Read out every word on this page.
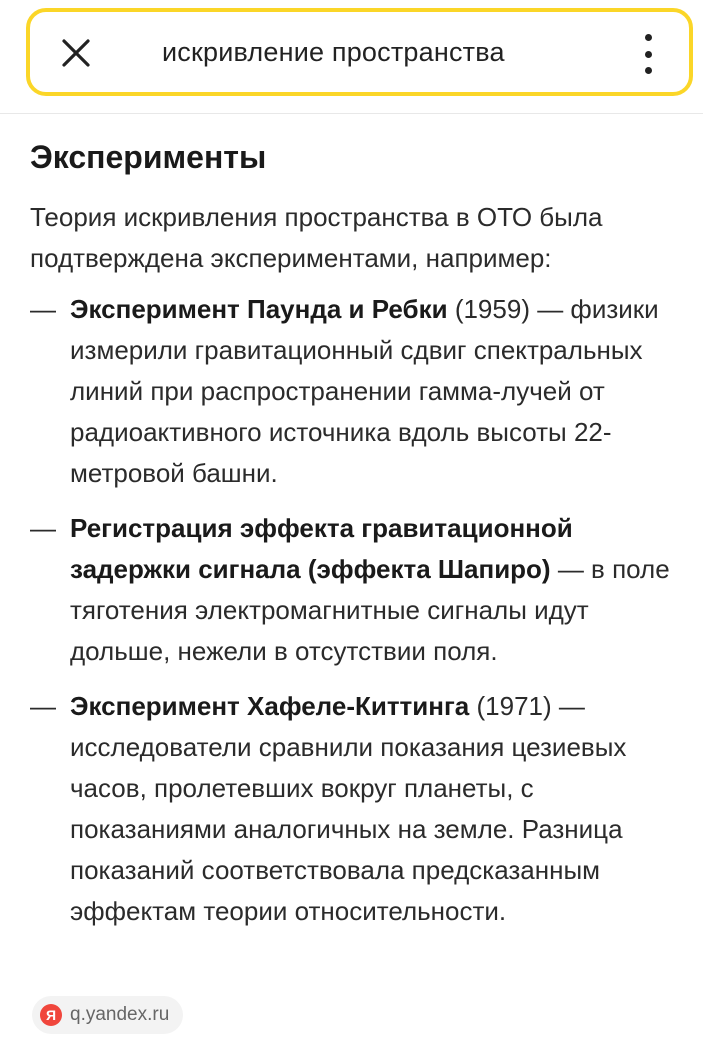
искривление пространства
Эксперименты

Теория искривления пространства в ОТО была подтверждена экспериментами, например:

— Эксперимент Паунда и Ребки (1959) — физики измерили гравитационный сдвиг спектральных линий при распространении гамма-лучей от радиоактивного источника вдоль высоты 22-метровой башни.
— Регистрация эффекта гравитационной задержки сигнала (эффекта Шапиро) — в поле тяготения электромагнитные сигналы идут дольше, нежели в отсутствии поля.
— Эксперимент Хафеле-Киттинга (1971) — исследователи сравнили показания цезиевых часов, пролетевших вокруг планеты, с показаниями аналогичных на земле. Разница показаний соответствовала предсказанным эффектам теории относительности.
Я q.yandex.ru
